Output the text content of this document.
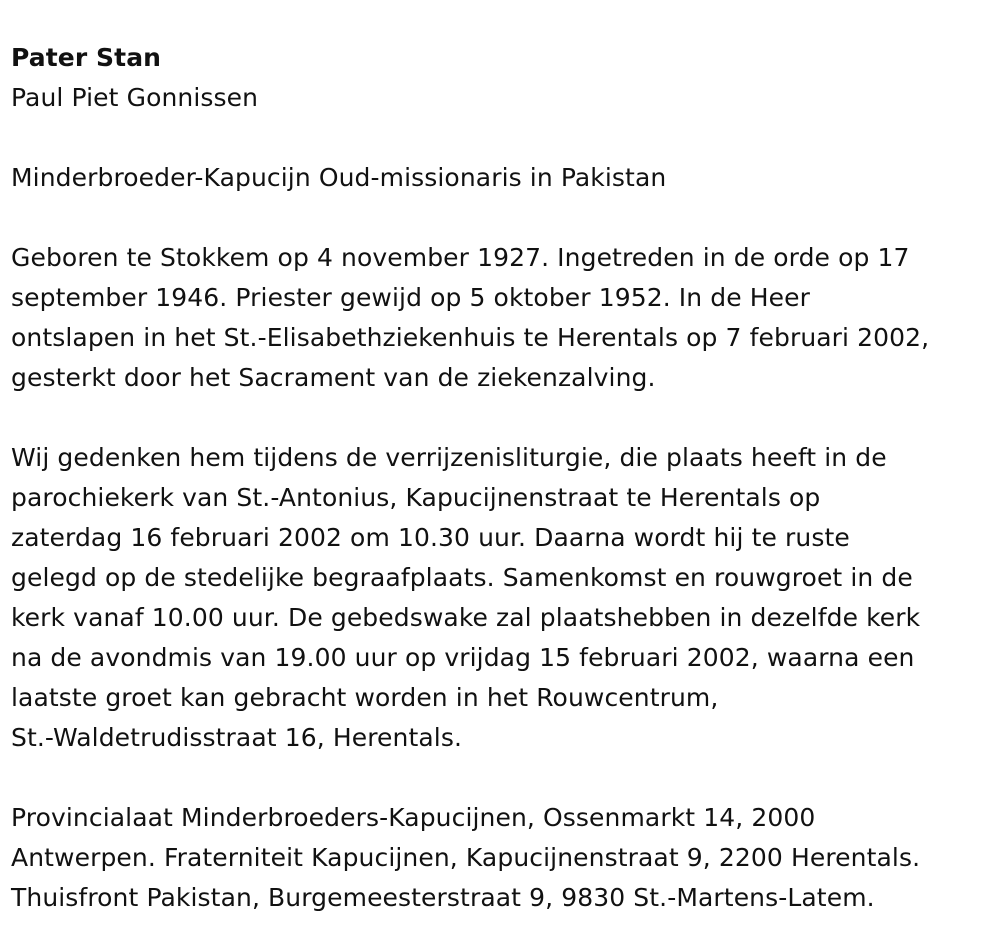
Pater Stan
Paul Piet Gonnissen
Minderbroeder-Kapucijn Oud-missionaris in Pakistan
Geboren te Stokkem op 4 november 1927. Ingetreden in de orde op 17
september 1946. Priester gewijd op 5 oktober 1952. In de Heer
ontslapen in het St.-Elisabethziekenhuis te Herentals op 7 februari 2002,
gesterkt door het Sacrament van de ziekenzalving.
Wij gedenken hem tijdens de verrijzenisliturgie, die plaats heeft in de
parochiekerk van St.-Antonius, Kapucijnenstraat te Herentals op
zaterdag 16 februari 2002 om 10.30 uur. Daarna wordt hij te ruste
gelegd op de stedelijke begraafplaats. Samenkomst en rouwgroet in de
kerk vanaf 10.00 uur. De gebedswake zal plaatshebben in dezelfde kerk
na de avondmis van 19.00 uur op vrijdag 15 februari 2002, waarna een
laatste groet kan gebracht worden in het Rouwcentrum,
St.-Waldetrudisstraat 16, Herentals.
Provincialaat Minderbroeders-Kapucijnen, Ossenmarkt 14, 2000
Antwerpen. Fraterniteit Kapucijnen, Kapucijnenstraat 9, 2200 Herentals.
Thuisfront Pakistan, Burgemeesterstraat 9, 9830 St.-Martens-Latem.
